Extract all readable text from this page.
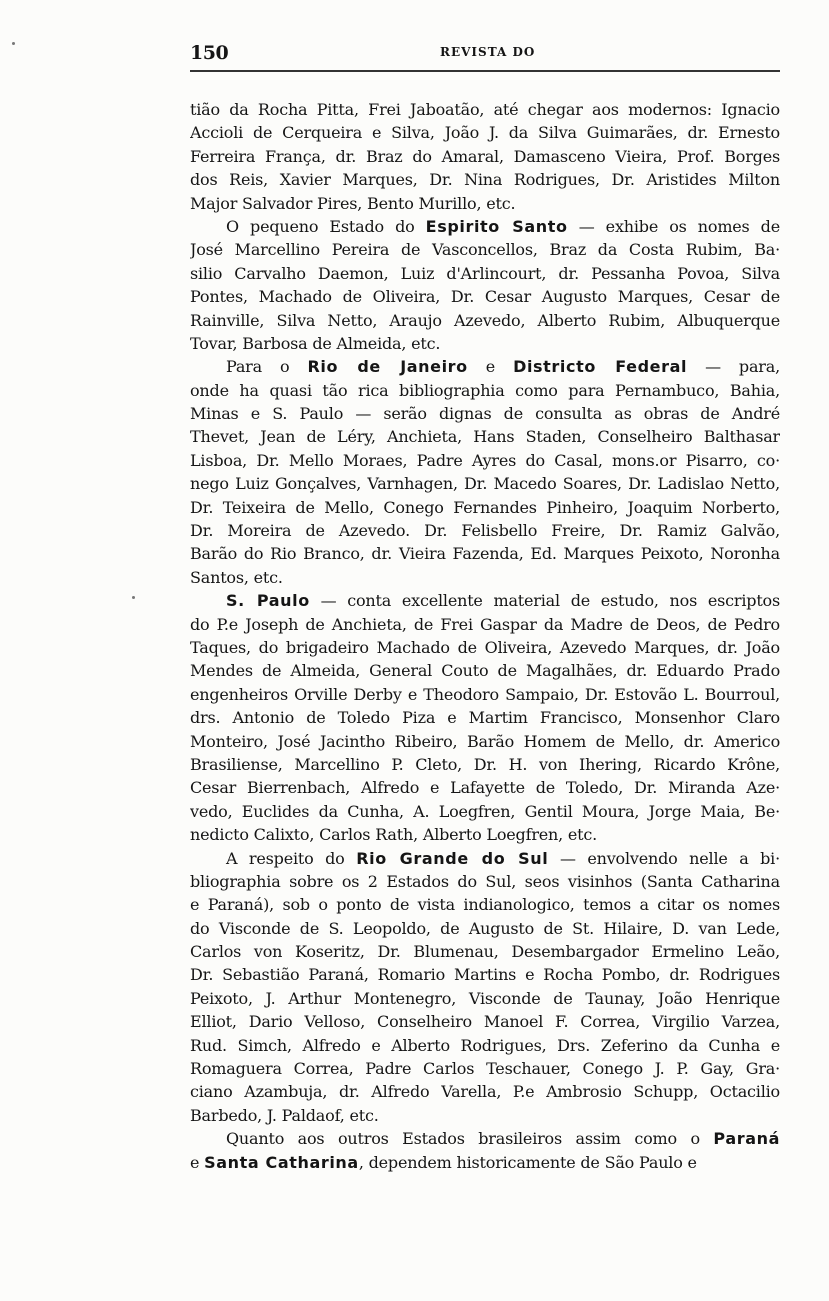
150	REVISTA DO
tião da Rocha Pitta, Frei Jaboatão, até chegar aos modernos: Ignacio
Accioli de Cerqueira e Silva, João J. da Silva Guimarães, dr. Ernesto
Ferreira França, dr. Braz do Amaral, Damasceno Vieira, Prof. Borges
dos Reis, Xavier Marques, Dr. Nina Rodrigues, Dr. Aristides Milton
Major Salvador Pires, Bento Murillo, etc.
O pequeno Estado do Espirito Santo — exhibe os nomes de
José Marcellino Pereira de Vasconcellos, Braz da Costa Rubim, Ba·
silio Carvalho Daemon, Luiz d'Arlincourt, dr. Pessanha Povoa, Silva
Pontes, Machado de Oliveira, Dr. Cesar Augusto Marques, Cesar de
Rainville, Silva Netto, Araujo Azevedo, Alberto Rubim, Albuquerque
Tovar, Barbosa de Almeida, etc.
Para o Rio de Janeiro e Districto Federal — para,
onde ha quasi tão rica bibliographia como para Pernambuco, Bahia,
Minas e S. Paulo — serão dignas de consulta as obras de André
Thevet, Jean de Léry, Anchieta, Hans Staden, Conselheiro Balthasar
Lisboa, Dr. Mello Moraes, Padre Ayres do Casal, mons.or Pisarro, co·
nego Luiz Gonçalves, Varnhagen, Dr. Macedo Soares, Dr. Ladislao Netto,
Dr. Teixeira de Mello, Conego Fernandes Pinheiro, Joaquim Norberto,
Dr. Moreira de Azevedo. Dr. Felisbello Freire, Dr. Ramiz Galvão,
Barão do Rio Branco, dr. Vieira Fazenda, Ed. Marques Peixoto, Noronha
Santos, etc.
S. Paulo — conta excellente material de estudo, nos escriptos
do P.e Joseph de Anchieta, de Frei Gaspar da Madre de Deos, de Pedro
Taques, do brigadeiro Machado de Oliveira, Azevedo Marques, dr. João
Mendes de Almeida, General Couto de Magalhães, dr. Eduardo Prado
engenheiros Orville Derby e Theodoro Sampaio, Dr. Estovão L. Bourroul,
drs. Antonio de Toledo Piza e Martim Francisco, Monsenhor Claro
Monteiro, José Jacintho Ribeiro, Barão Homem de Mello, dr. Americo
Brasiliense, Marcellino P. Cleto, Dr. H. von Ihering, Ricardo Krône,
Cesar Bierrenbach, Alfredo e Lafayette de Toledo, Dr. Miranda Aze·
vedo, Euclides da Cunha, A. Loegfren, Gentil Moura, Jorge Maia, Be·
nedicto Calixto, Carlos Rath, Alberto Loegfren, etc.
A respeito do Rio Grande do Sul — envolvendo nelle a bi·
bliographia sobre os 2 Estados do Sul, seos visinhos (Santa Catharina
e Paraná), sob o ponto de vista indianologico, temos a citar os nomes
do Visconde de S. Leopoldo, de Augusto de St. Hilaire, D. van Lede,
Carlos von Koseritz, Dr. Blumenau, Desembargador Ermelino Leão,
Dr. Sebastião Paraná, Romario Martins e Rocha Pombo, dr. Rodrigues
Peixoto, J. Arthur Montenegro, Visconde de Taunay, João Henrique
Elliot, Dario Velloso, Conselheiro Manoel F. Correa, Virgilio Varzea,
Rud. Simch, Alfredo e Alberto Rodrigues, Drs. Zeferino da Cunha e
Romaguera Correa, Padre Carlos Teschauer, Conego J. P. Gay, Gra·
ciano Azambuja, dr. Alfredo Varella, P.e Ambrosio Schupp, Octacilio
Barbedo, J. Paldaof, etc.
Quanto aos outros Estados brasileiros assim como o Paraná
e Santa Catharina, dependem historicamente de São Paulo e
